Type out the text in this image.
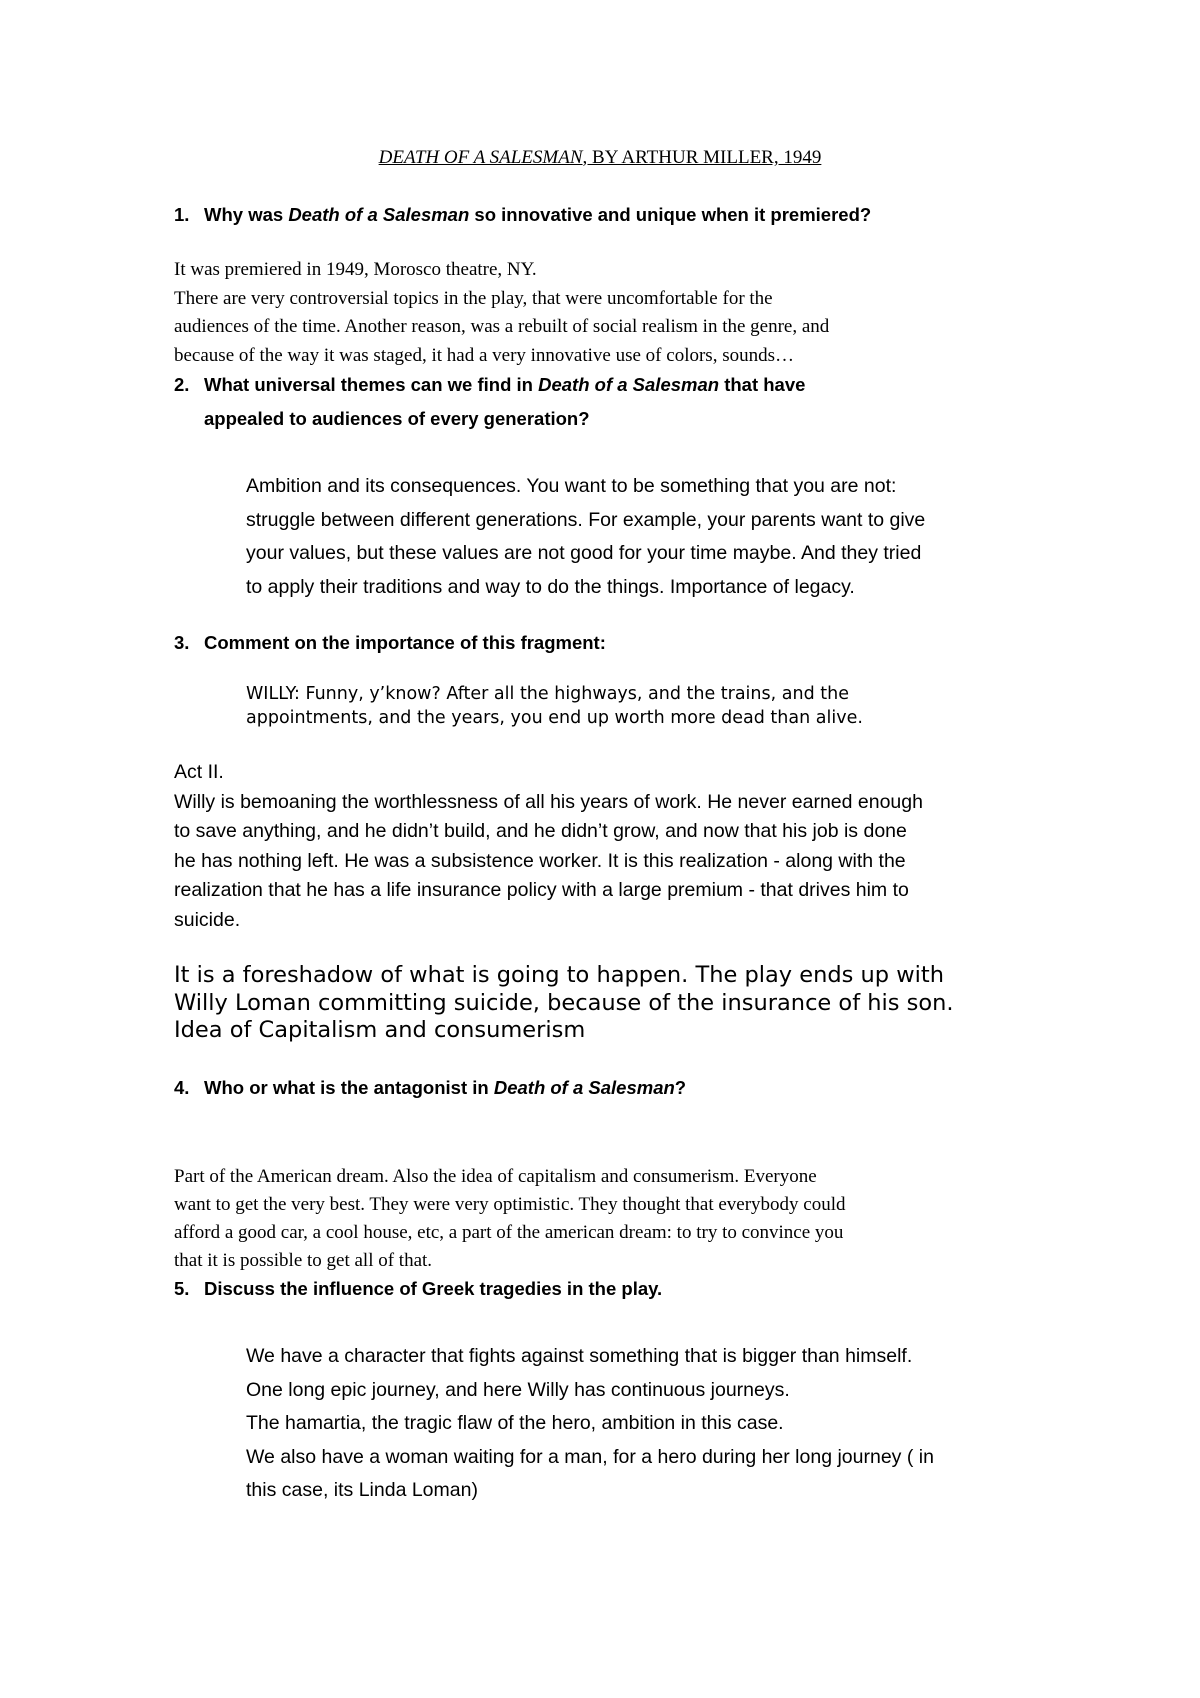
DEATH OF A SALESMAN, BY ARTHUR MILLER, 1949
1. Why was Death of a Salesman so innovative and unique when it premiered?
It was premiered in 1949, Morosco theatre, NY.
There are very controversial topics in the play, that were uncomfortable for the
audiences of the time. Another reason, was a rebuilt of social realism in the genre, and
because of the way it was staged, it had a very innovative use of colors, sounds…
2. What universal themes can we find in Death of a Salesman that have
appealed to audiences of every generation?
Ambition and its consequences. You want to be something that you are not:
struggle between different generations. For example, your parents want to give
your values, but these values are not good for your time maybe. And they tried
to apply their traditions and way to do the things. Importance of legacy.
3. Comment on the importance of this fragment:
WILLY: Funny, y’know? After all the highways, and the trains, and the
appointments, and the years, you end up worth more dead than alive.
Act II.
Willy is bemoaning the worthlessness of all his years of work. He never earned enough
to save anything, and he didn’t build, and he didn’t grow, and now that his job is done
he has nothing left. He was a subsistence worker. It is this realization - along with the
realization that he has a life insurance policy with a large premium - that drives him to
suicide.
It is a foreshadow of what is going to happen. The play ends up with
Willy Loman committing suicide, because of the insurance of his son.
Idea of Capitalism and consumerism
4. Who or what is the antagonist in Death of a Salesman?
Part of the American dream. Also the idea of capitalism and consumerism. Everyone
want to get the very best. They were very optimistic. They thought that everybody could
afford a good car, a cool house, etc, a part of the american dream: to try to convince you
that it is possible to get all of that.
5. Discuss the influence of Greek tragedies in the play.
We have a character that fights against something that is bigger than himself.
One long epic journey, and here Willy has continuous journeys.
The hamartia, the tragic flaw of the hero, ambition in this case.
We also have a woman waiting for a man, for a hero during her long journey ( in
this case, its Linda Loman)
